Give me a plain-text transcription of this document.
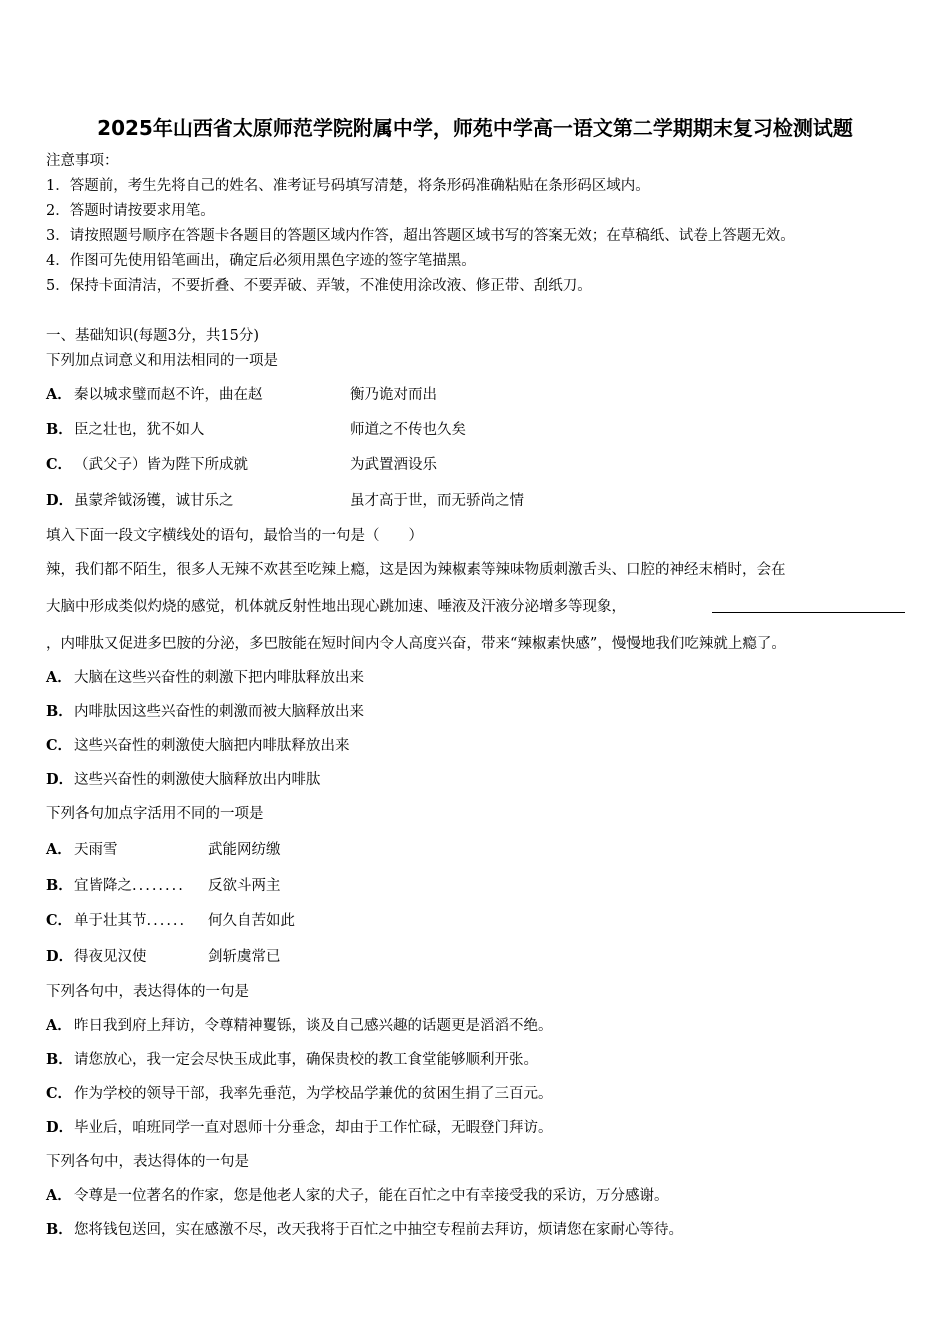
2025年山西省太原师范学院附属中学，师苑中学高一语文第二学期期末复习检测试题
注意事项：
1．答题前，考生先将自己的姓名、准考证号码填写清楚，将条形码准确粘贴在条形码区域内。
2．答题时请按要求用笔。
3．请按照题号顺序在答题卡各题目的答题区域内作答，超出答题区域书写的答案无效；在草稿纸、试卷上答题无效。
4．作图可先使用铅笔画出，确定后必须用黑色字迹的签字笔描黑。
5．保持卡面清洁，不要折叠、不要弄破、弄皱，不准使用涂改液、修正带、刮纸刀。
一、基础知识(每题3分，共15分)
下列加点词意义和用法相同的一项是
A． 秦以城求璧而赵不许，曲在赵	衡乃诡对而出
B．臣之壮也，犹不如人	师道之不传也久矣
C． （武父子）皆为陛下所成就	为武置酒设乐
D．虽蒙斧钺汤镬，诚甘乐之	虽才高于世，而无骄尚之情
填入下面一段文字横线处的语句，最恰当的一句是（　　）
辣，我们都不陌生，很多人无辣不欢甚至吃辣上瘾，这是因为辣椒素等辣味物质刺激舌头、口腔的神经末梢时，会在
大脑中形成类似灼烧的感觉，机体就反射性地出现心跳加速、唾液及汗液分泌增多等现象，
，内啡肽又促进多巴胺的分泌，多巴胺能在短时间内令人高度兴奋，带来“辣椒素快感”，慢慢地我们吃辣就上瘾了。
A． 大脑在这些兴奋性的刺激下把内啡肽释放出来
B．内啡肽因这些兴奋性的刺激而被大脑释放出来
C． 这些兴奋性的刺激使大脑把内啡肽释放出来
D．这些兴奋性的刺激使大脑释放出内啡肽
下列各句加点字活用不同的一项是
A． 天雨雪	武能网纺缴
B．宜皆降之........ 反欲斗两主
C． 单于壮其节...... 何久自苦如此
D．得夜见汉使	剑斩虞常已
下列各句中，表达得体的一句是
A． 昨日我到府上拜访，令尊精神矍铄，谈及自己感兴趣的话题更是滔滔不绝。
B．请您放心，我一定会尽快玉成此事，确保贵校的教工食堂能够顺利开张。
C． 作为学校的领导干部，我率先垂范，为学校品学兼优的贫困生捐了三百元。
D．毕业后，咱班同学一直对恩师十分垂念，却由于工作忙碌，无暇登门拜访。
下列各句中，表达得体的一句是
A． 令尊是一位著名的作家，您是他老人家的犬子，能在百忙之中有幸接受我的采访，万分感谢。
B．您将钱包送回，实在感激不尽，改天我将于百忙之中抽空专程前去拜访，烦请您在家耐心等待。
